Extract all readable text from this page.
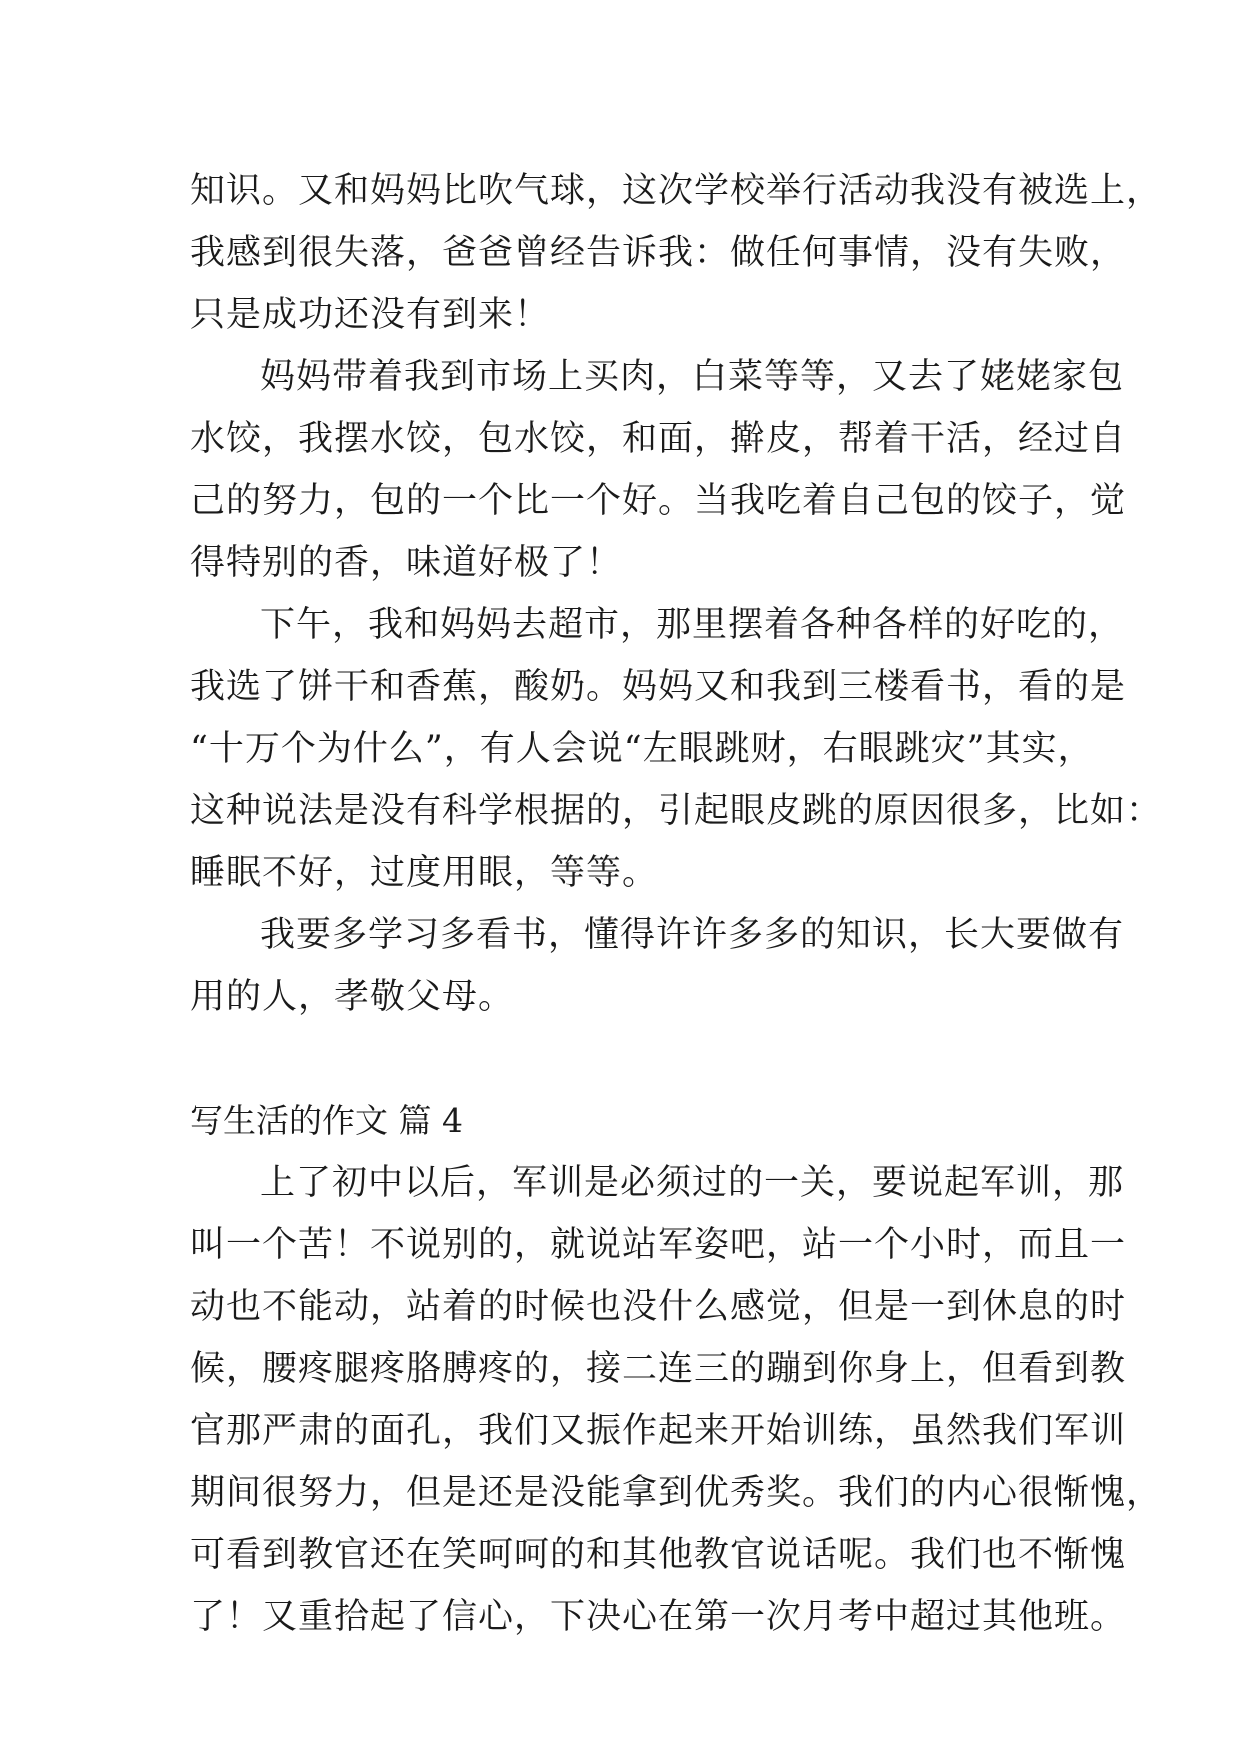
知识。又和妈妈比吹气球，这次学校举行活动我没有被选上，
我感到很失落，爸爸曾经告诉我：做任何事情，没有失败，
只是成功还没有到来！
妈妈带着我到市场上买肉，白菜等等，又去了姥姥家包
水饺，我摆水饺，包水饺，和面，擀皮，帮着干活，经过自
己的努力，包的一个比一个好。当我吃着自己包的饺子，觉
得特别的香，味道好极了！
下午，我和妈妈去超市，那里摆着各种各样的好吃的，
我选了饼干和香蕉，酸奶。妈妈又和我到三楼看书，看的是
“十万个为什么”，有人会说“左眼跳财，右眼跳灾”其实，
这种说法是没有科学根据的，引起眼皮跳的原因很多，比如：
睡眠不好，过度用眼，等等。
我要多学习多看书，懂得许许多多的知识，长大要做有
用的人，孝敬父母。
写生活的作文 篇 4
上了初中以后，军训是必须过的一关，要说起军训，那
叫一个苦！不说别的，就说站军姿吧，站一个小时，而且一
动也不能动，站着的时候也没什么感觉，但是一到休息的时
候，腰疼腿疼胳膊疼的，接二连三的蹦到你身上，但看到教
官那严肃的面孔，我们又振作起来开始训练，虽然我们军训
期间很努力，但是还是没能拿到优秀奖。我们的内心很惭愧，
可看到教官还在笑呵呵的和其他教官说话呢。我们也不惭愧
了！又重拾起了信心，下决心在第一次月考中超过其他班。
